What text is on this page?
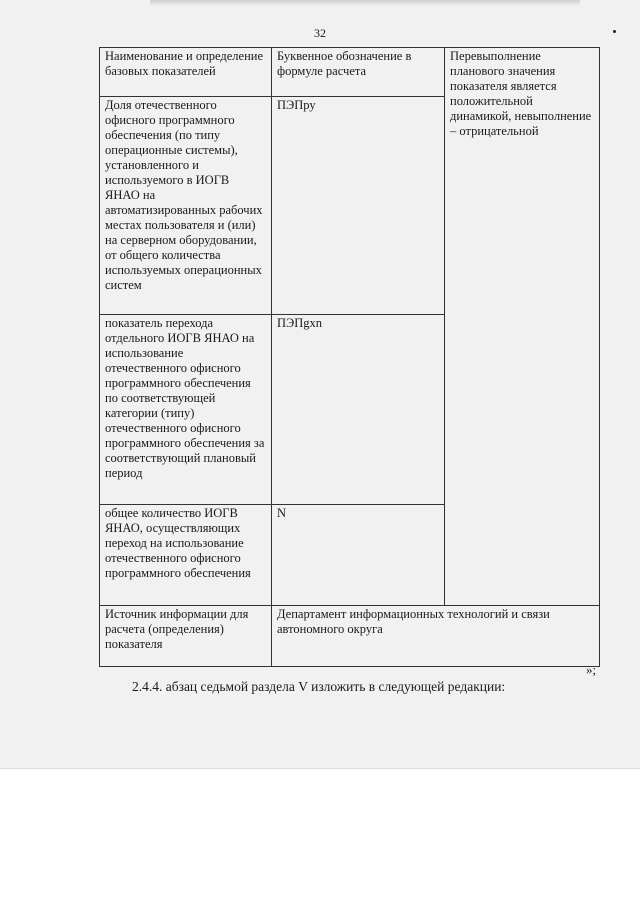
32
Наименование и определение базовых показателей	Буквенное обозначение в формуле расчета	Перевыполнение планового значения показателя является положительной динамикой, невыполнение – отрицательной
Доля отечественного офисного программного обеспечения (по типу операционные системы), установленного и используемого в ИОГВ ЯНАО на автоматизированных рабочих местах пользователя и (или) на серверном оборудовании, от общего количества используемых операционных систем	ПЭПру	
показатель перехода отдельного ИОГВ ЯНАО на использование отечественного офисного программного обеспечения по соответствующей категории (типу) отечественного офисного программного обеспечения за соответствующий плановый период	ПЭПgxn	
общее количество ИОГВ ЯНАО, осуществляющих переход на использование отечественного офисного программного обеспечения	N	
Источник информации для расчета (определения) показателя	Департамент информационных технологий и связи автономного округа	
»;
2.4.4. абзац седьмой раздела V изложить в следующей редакции:
